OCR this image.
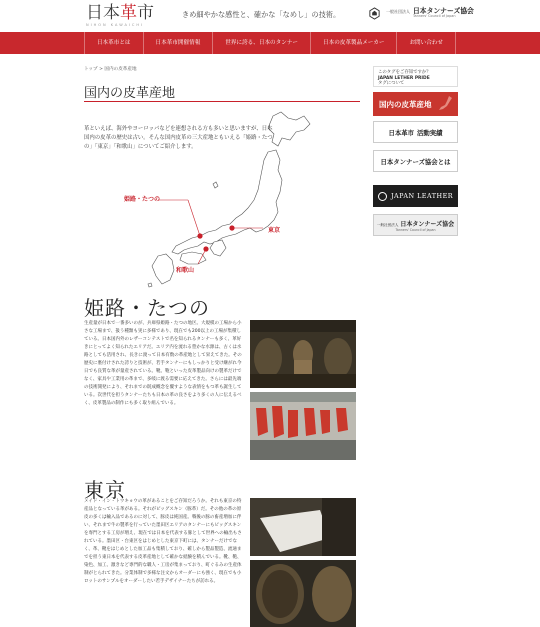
日本革市
NIHON KAWAICHI
きめ細やかな感性と、確かな「なめし」の技術。	一般社団法人 日本タンナーズ協会
Tanners' Council of Japan
日本革市とは	日本革市開催情報	世界に誇る、日本のタンナー	日本の皮革製品メーカー	お問い合わせ
トップ > 国内の皮革産地
国内の皮革産地
姫路・たつの
東京
和歌山
革といえば、海外やヨーロッパなどを連想される方も多いと思いますが、日本国内の皮革の歴史は古い。そんな国内皮革の三大産地ともいえる「姫路・たつの」「東京」「和歌山」についてご紹介します。
姫路・たつの
生産量が日本で一番多いのが、兵庫県姫路・たつの地区。大規模の工場から小さな工場まで、扱う種類も実に多様であり、現在でも200以上の工場が集積している。日本国内外のレザーコンテストで名を知られるタンナーも多く、革好きにとってよく知られたエリアだ。エリア内を流れる豊かな水源は、古くは水路としても活用され、長きに渡って日本有数の革産地として栄えてきた。その歴史に裏付けされた誇りと技術が、若手タンナーにもしっかりと受け継がれ今日でも良質な革が量産されている。靴、鞄といった皮革製品向けの製革だけでなく、家具や工業用の革まで、多岐に渡る需要に応えてきた。さらには最先端の技術開発により、それまでの既成概念を覆すような表情をもつ革も誕生している。次世代を担うタンナーたちも日本の革の良さをより多くの人に伝えるべく、皮革製品の制作にも多く取り組んでいる。
東京
メイド・イン・トウキョウの革があることをご存知だろうか。それも東京の特産品となっている革がある。それがピッグスキン（豚革）だ。その他の革の原皮の多くは輸入品であるのに対して、豚皮は純国産。戦後の豚の畜産増加に伴い、それまで牛の製革を行っていた墨田区エリアのタンナーにもピッグスキンを専門とする工房が増え、現在では日本を代表する豚として世界への輸出もされている。墨田区・台東区をはじめとした東京下町には、タンナーだけでなく、革、靴をはじめとした加工品も集積しており、確しから製品製造、流通までを担う東日本を代表する皮革産地として確かな経験を積んでいる。靴、鞄、染色、加工、激きなど専門的な職人・工房が集まっており、町ぐるみの生産体制がとられてきた。分業体制で多様な注文からオーダーにも強く、現在でも小ロットのサンプルをオーダーしたい若手デザイナーたちが訪れる。
このタグをご存知ですか？
JAPAN LETHER PRIDE
タグについて
国内の皮革産地
日本革市 活動実績
日本タンナーズ協会とは
JAPAN LEATHER
一般社団法人 日本タンナーズ協会
Tanners' Council of Japan
